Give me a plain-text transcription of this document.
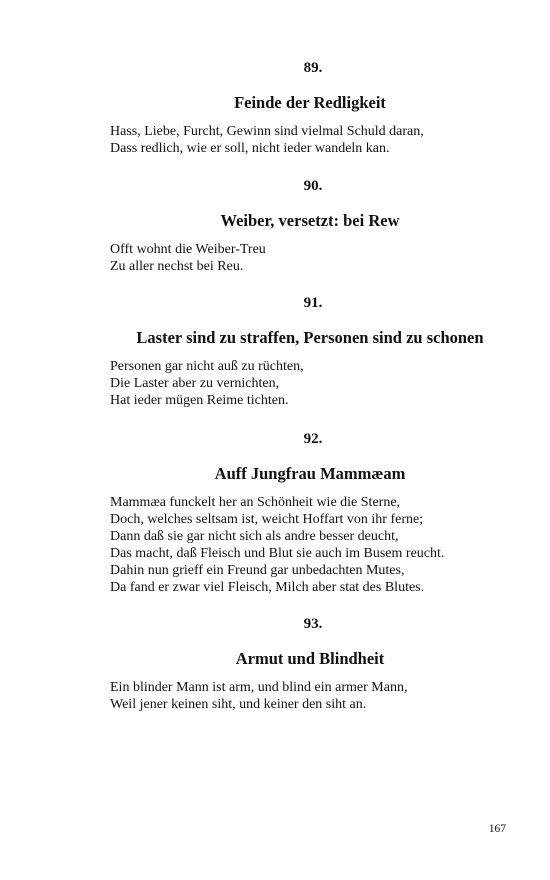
89.
Feinde der Redligkeit
Hass, Liebe, Furcht, Gewinn sind vielmal Schuld daran,
Dass redlich, wie er soll, nicht ieder wandeln kan.
90.
Weiber, versetzt: bei Rew
Offt wohnt die Weiber-Treu
Zu aller nechst bei Reu.
91.
Laster sind zu straffen, Personen sind zu schonen
Personen gar nicht auß zu rüchten,
Die Laster aber zu vernichten,
Hat ieder mügen Reime tichten.
92.
Auff Jungfrau Mammæam
Mammæa funckelt her an Schönheit wie die Sterne,
Doch, welches seltsam ist, weicht Hoffart von ihr ferne;
Dann daß sie gar nicht sich als andre besser deucht,
Das macht, daß Fleisch und Blut sie auch im Busem reucht.
Dahin nun grieff ein Freund gar unbedachten Mutes,
Da fand er zwar viel Fleisch, Milch aber stat des Blutes.
93.
Armut und Blindheit
Ein blinder Mann ist arm, und blind ein armer Mann,
Weil jener keinen siht, und keiner den siht an.
167
